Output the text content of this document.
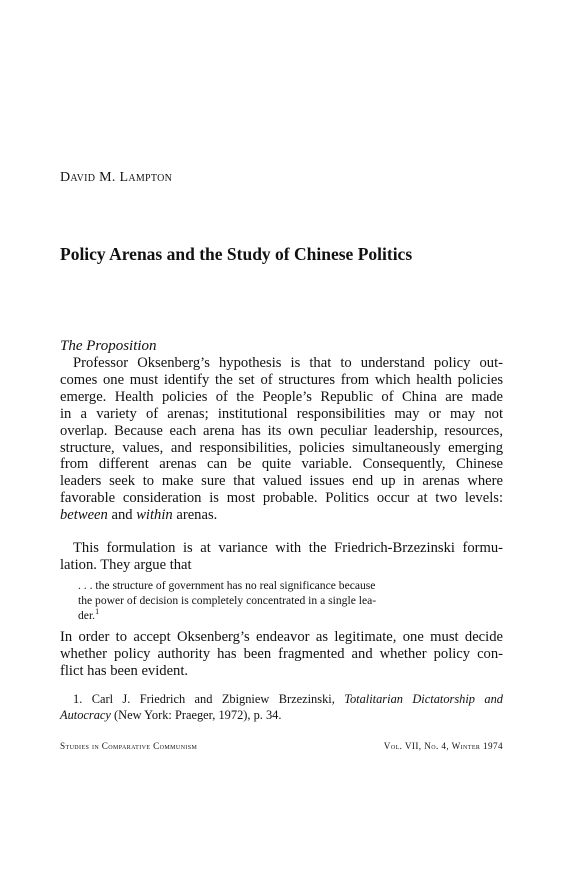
David M. Lampton
Policy Arenas and the Study of Chinese Politics
The Proposition
Professor Oksenberg’s hypothesis is that to understand policy out-
comes one must identify the set of structures from which health policies
emerge. Health policies of the People’s Republic of China are made
in a variety of arenas; institutional responsibilities may or may not
overlap. Because each arena has its own peculiar leadership, resources,
structure, values, and responsibilities, policies simultaneously emerging
from different arenas can be quite variable. Consequently, Chinese
leaders seek to make sure that valued issues end up in arenas where
favorable consideration is most probable. Politics occur at two levels:
between and within arenas.
This formulation is at variance with the Friedrich-Brzezinski formu-
lation. They argue that
. . . the structure of government has no real significance because
the power of decision is completely concentrated in a single lea-
der.$^1$
In order to accept Oksenberg’s endeavor as legitimate, one must decide
whether policy authority has been fragmented and whether policy con-
flict has been evident.
1. Carl J. Friedrich and Zbigniew Brzezinski, Totalitarian Dictatorship and
Autocracy (New York: Praeger, 1972), p. 34.
Studies in Comparative Communism	Vol. VII, No. 4, Winter 1974
